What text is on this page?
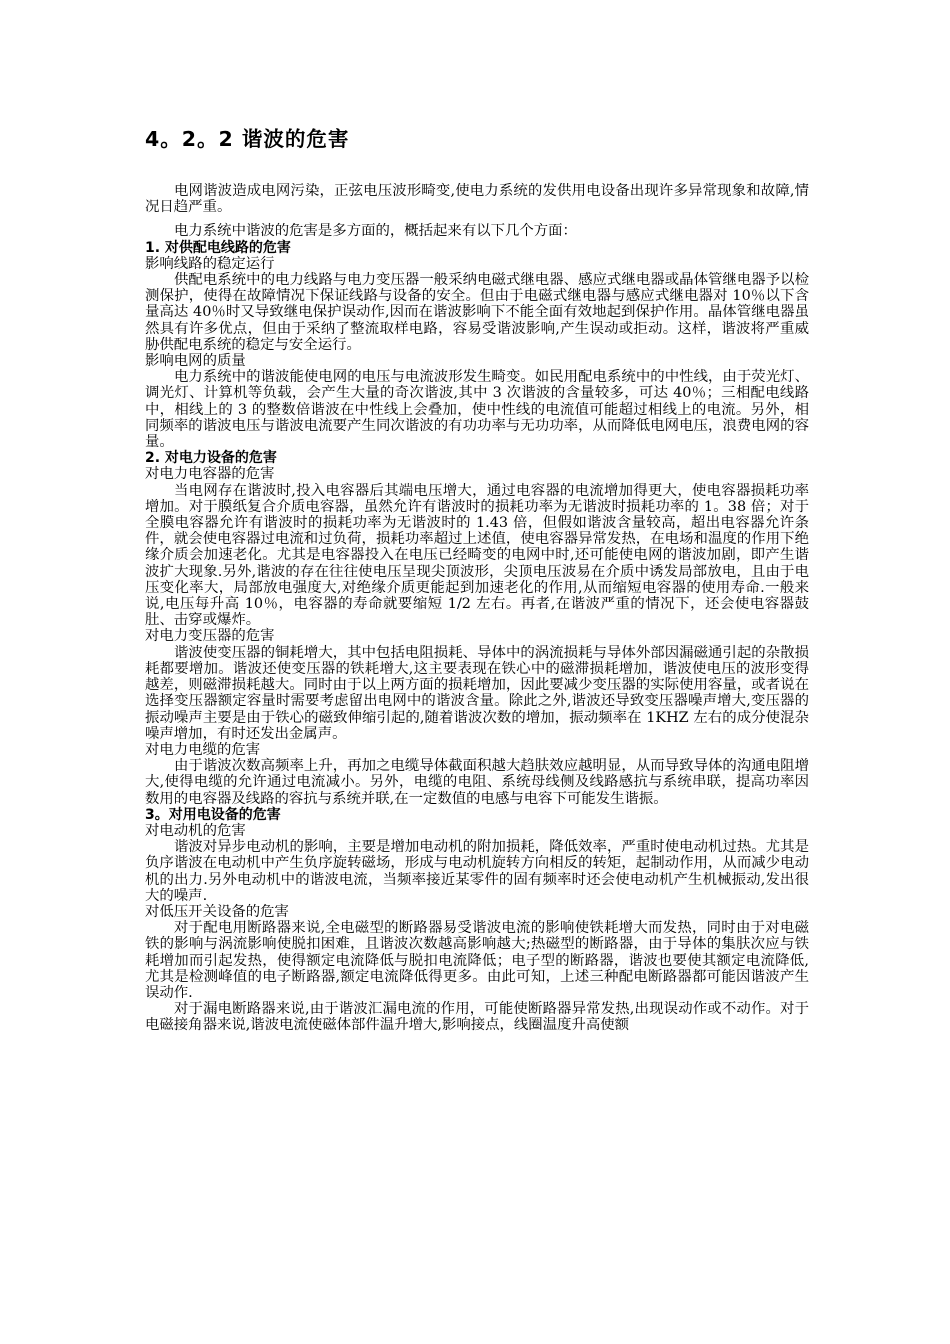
4。2。2 谐波的危害

电网谐波造成电网污染，正弦电压波形畸变,使电力系统的发供用电设备出现许多异常现象和故障,情况日趋严重。

电力系统中谐波的危害是多方面的，概括起来有以下几个方面：

1. 对供配电线路的危害

影响线路的稳定运行

供配电系统中的电力线路与电力变压器一般采纳电磁式继电器、感应式继电器或晶体管继电器予以检测保护，使得在故障情况下保证线路与设备的安全。但由于电磁式继电器与感应式继电器对 10％以下含量高达 40％时又导致继电保护误动作,因而在谐波影响下不能全面有效地起到保护作用。晶体管继电器虽然具有许多优点，但由于采纳了整流取样电路，容易受谐波影响,产生误动或拒动。这样，谐波将严重威胁供配电系统的稳定与安全运行。

影响电网的质量

电力系统中的谐波能使电网的电压与电流波形发生畸变。如民用配电系统中的中性线，由于荧光灯、调光灯、计算机等负载，会产生大量的奇次谐波,其中 3 次谐波的含量较多，可达 40％；三相配电线路中，相线上的 3 的整数倍谐波在中性线上会叠加，使中性线的电流值可能超过相线上的电流。另外，相同频率的谐波电压与谐波电流要产生同次谐波的有功功率与无功功率，从而降低电网电压，浪费电网的容量。

2. 对电力设备的危害

对电力电容器的危害

当电网存在谐波时,投入电容器后其端电压增大，通过电容器的电流增加得更大，使电容器损耗功率增加。对于膜纸复合介质电容器，虽然允许有谐波时的损耗功率为无谐波时损耗功率的 1。38 倍；对于全膜电容器允许有谐波时的损耗功率为无谐波时的 1.43 倍，但假如谐波含量较高，超出电容器允许条件，就会使电容器过电流和过负荷，损耗功率超过上述值，使电容器异常发热，在电场和温度的作用下绝缘介质会加速老化。尤其是电容器投入在电压已经畸变的电网中时,还可能使电网的谐波加剧，即产生谐波扩大现象.另外,谐波的存在往往使电压呈现尖顶波形，尖顶电压波易在介质中诱发局部放电，且由于电压变化率大，局部放电强度大,对绝缘介质更能起到加速老化的作用,从而缩短电容器的使用寿命.一般来说,电压每升高 10％，电容器的寿命就要缩短 1/2 左右。再者,在谐波严重的情况下，还会使电容器鼓肚、击穿或爆炸。

对电力变压器的危害

谐波使变压器的铜耗增大，其中包括电阻损耗、导体中的涡流损耗与导体外部因漏磁通引起的杂散损耗都要增加。谐波还使变压器的铁耗增大,这主要表现在铁心中的磁滞损耗增加，谐波使电压的波形变得越差，则磁滞损耗越大。同时由于以上两方面的损耗增加，因此要减少变压器的实际使用容量，或者说在选择变压器额定容量时需要考虑留出电网中的谐波含量。除此之外,谐波还导致变压器噪声增大,变压器的振动噪声主要是由于铁心的磁致伸缩引起的,随着谐波次数的增加，振动频率在 1KHZ 左右的成分使混杂噪声增加，有时还发出金属声。

对电力电缆的危害

由于谐波次数高频率上升，再加之电缆导体截面积越大趋肤效应越明显，从而导致导体的沟通电阻增大,使得电缆的允许通过电流减小。另外，电缆的电阻、系统母线侧及线路感抗与系统串联，提高功率因数用的电容器及线路的容抗与系统并联,在一定数值的电感与电容下可能发生谐振。

3。对用电设备的危害

对电动机的危害

谐波对异步电动机的影响，主要是增加电动机的附加损耗，降低效率，严重时使电动机过热。尤其是负序谐波在电动机中产生负序旋转磁场，形成与电动机旋转方向相反的转矩，起制动作用，从而减少电动机的出力.另外电动机中的谐波电流，当频率接近某零件的固有频率时还会使电动机产生机械振动,发出很大的噪声.

对低压开关设备的危害

对于配电用断路器来说,全电磁型的断路器易受谐波电流的影响使铁耗增大而发热，同时由于对电磁铁的影响与涡流影响使脱扣困难，且谐波次数越高影响越大;热磁型的断路器，由于导体的集肤次应与铁耗增加而引起发热，使得额定电流降低与脱扣电流降低；电子型的断路器，谐波也要使其额定电流降低,尤其是检测峰值的电子断路器,额定电流降低得更多。由此可知，上述三种配电断路器都可能因谐波产生误动作.

对于漏电断路器来说,由于谐波汇漏电流的作用，可能使断路器异常发热,出现误动作或不动作。对于电磁接角器来说,谐波电流使磁体部件温升增大,影响接点，线圈温度升高使额
